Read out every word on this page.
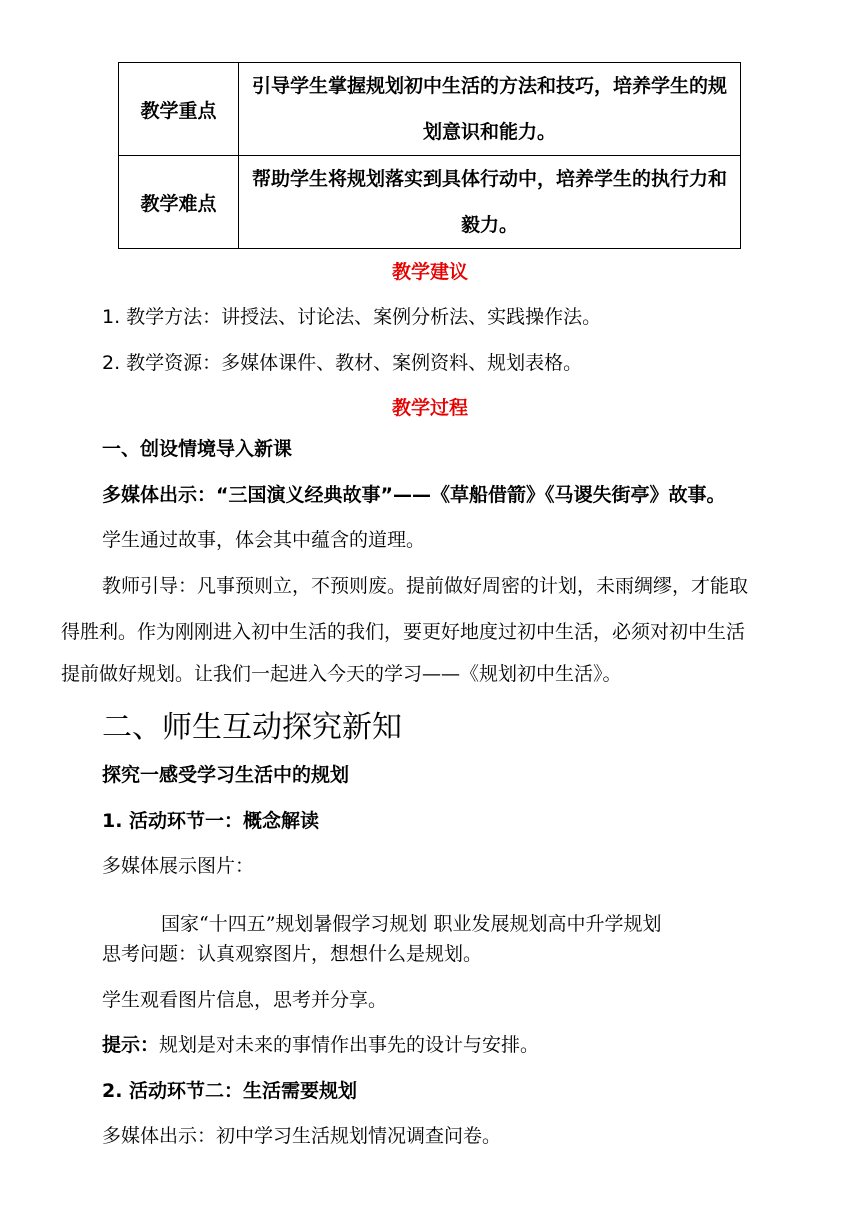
教学重点	引导学生掌握规划初中生活的方法和技巧，培养学生的规划意识和能力。
教学难点	帮助学生将规划落实到具体行动中，培养学生的执行力和毅力。
教学建议
1. 教学方法：讲授法、讨论法、案例分析法、实践操作法。
2. 教学资源：多媒体课件、教材、案例资料、规划表格。
教学过程
一、创设情境导入新课
多媒体出示：“三国演义经典故事”——《草船借箭》《马谡失街亭》故事。
学生通过故事，体会其中蕴含的道理。
教师引导：凡事预则立，不预则废。提前做好周密的计划，未雨绸缪，才能取
得胜利。作为刚刚进入初中生活的我们，要更好地度过初中生活，必须对初中生活
提前做好规划。让我们一起进入今天的学习——《规划初中生活》。
二、师生互动探究新知
探究一感受学习生活中的规划
1. 活动环节一：概念解读
多媒体展示图片：
国家“十四五”规划暑假学习规划 职业发展规划高中升学规划
思考问题：认真观察图片，想想什么是规划。
学生观看图片信息，思考并分享。
提示：规划是对未来的事情作出事先的设计与安排。
2. 活动环节二：生活需要规划
多媒体出示：初中学习生活规划情况调查问卷。
